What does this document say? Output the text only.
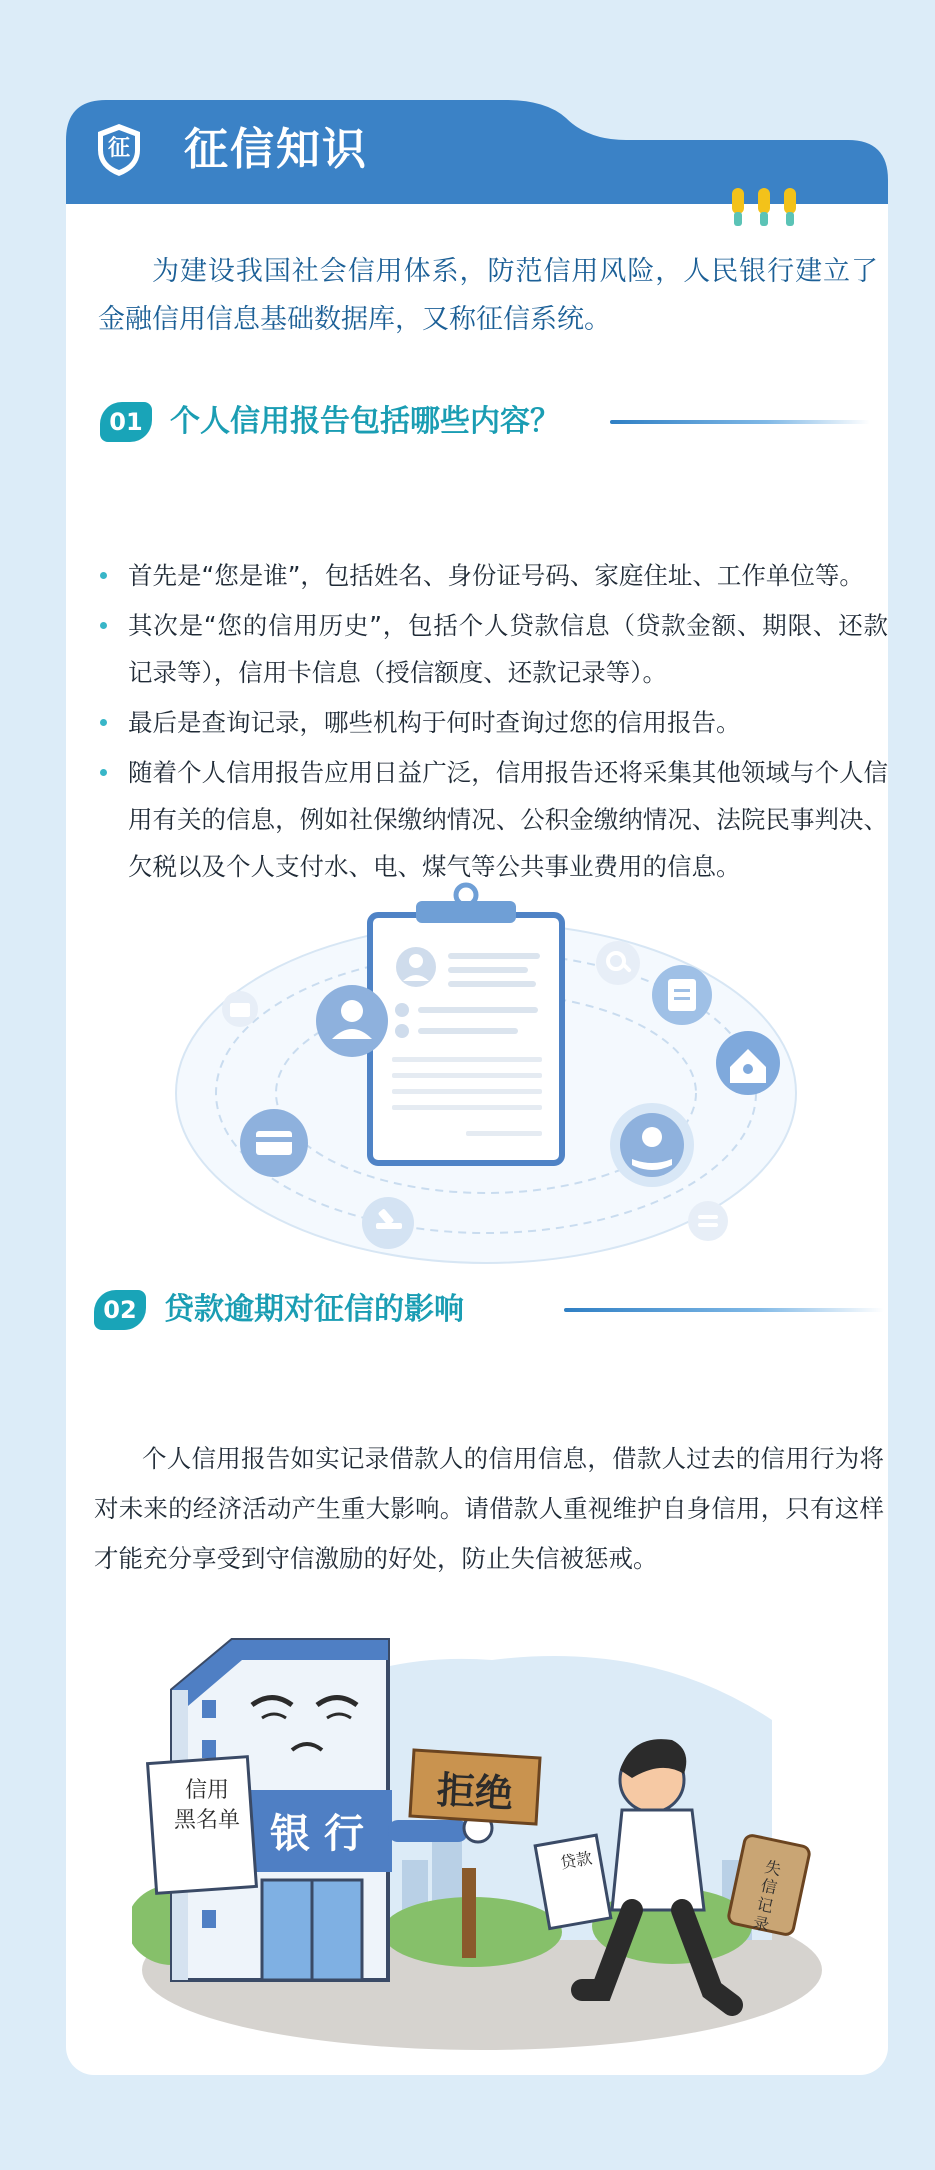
征 征信知识

为建设我国社会信用体系，防范信用风险，人民银行建立了金融信用信息基础数据库，又称征信系统。

01 个人信用报告包括哪些内容？
首先是“您是谁”，包括姓名、身份证号码、家庭住址、工作单位等。
其次是“您的信用历史”，包括个人贷款信息（贷款金额、期限、还款记录等），信用卡信息（授信额度、还款记录等）。
最后是查询记录，哪些机构于何时查询过您的信用报告。
随着个人信用报告应用日益广泛，信用报告还将采集其他领域与个人信用有关的信息，例如社保缴纳情况、公积金缴纳情况、法院民事判决、欠税以及个人支付水、电、煤气等公共事业费用的信息。
02 贷款逾期对征信的影响

个人信用报告如实记录借款人的信用信息，借款人过去的信用行为将对未来的经济活动产生重大影响。请借款人重视维护自身信用，只有这样才能充分享受到守信激励的好处，防止失信被惩戒。

信用
黑名单 银 行
拒绝
贷款	失信记录
